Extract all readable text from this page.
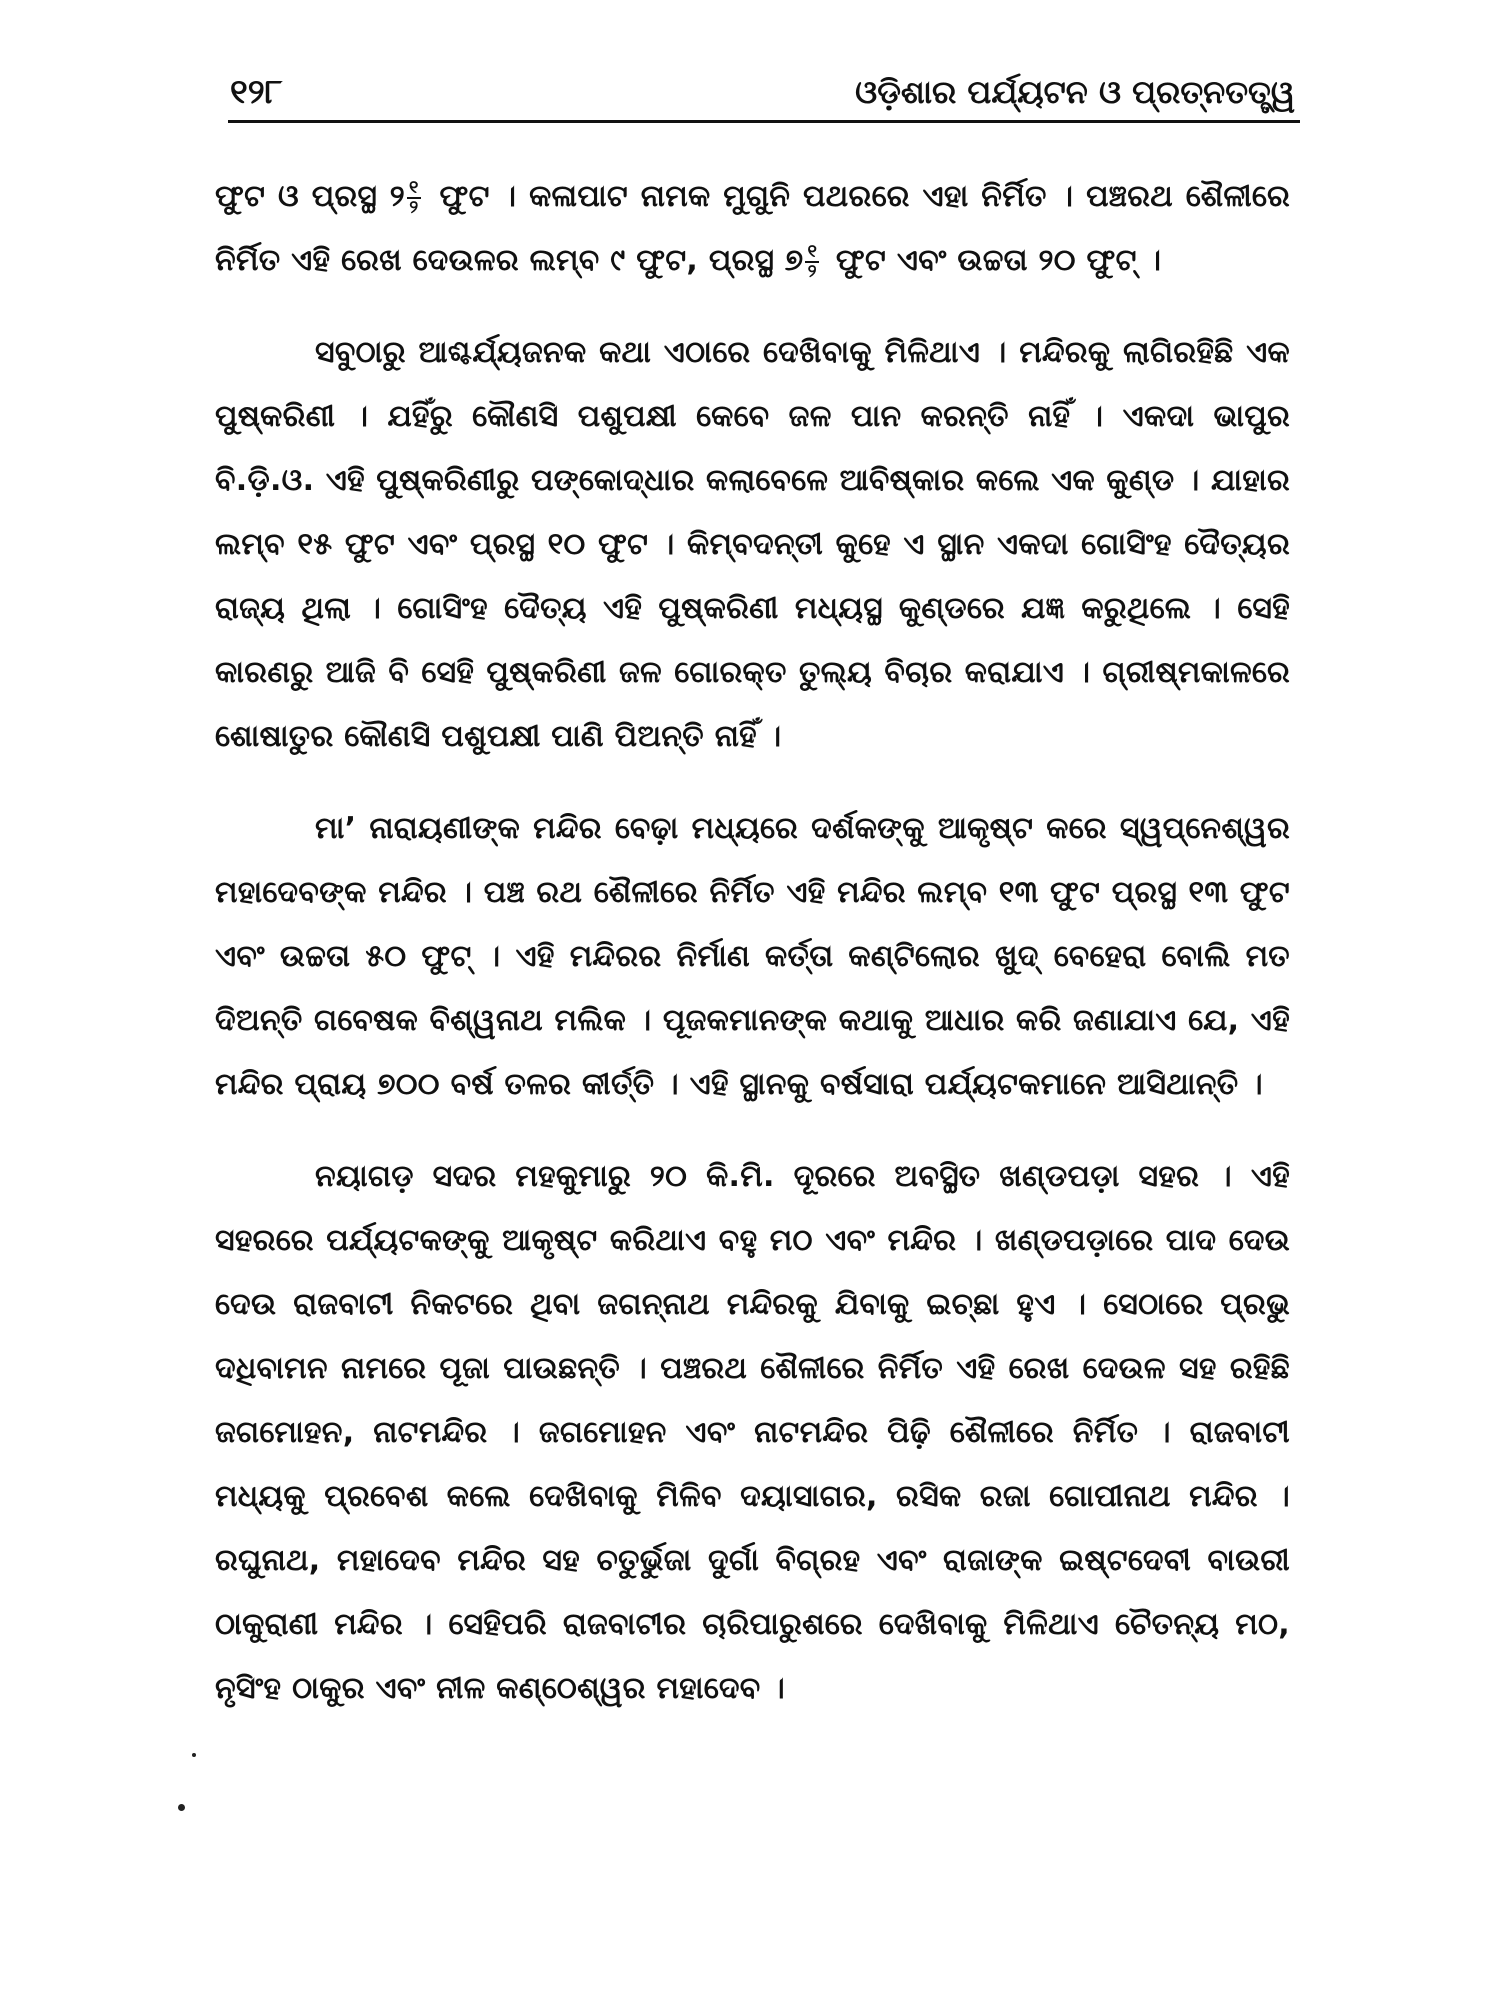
୧୨୮	ଓଡ଼ିଶାର ପର୍ଯ୍ୟଟନ ଓ ପ୍ରତ୍ନତତ୍ତ୍ୱ

ଫୁଟ ଓ ପ୍ରସ୍ଥ ୨ $\frac{୧}{୨}$ ଫୁଟ । କଳାପାଟ ନାମକ ମୁଗୁନି ପଥରରେ ଏହା ନିର୍ମିତ । ପଞ୍ଚରଥ ଶୈଳୀରେ ନିର୍ମିତ ଏହି ରେଖ ଦେଉଳର ଲମ୍ବ ୯ ଫୁଟ, ପ୍ରସ୍ଥ ୭ $\frac{୧}{୨}$ ଫୁଟ ଏବଂ ଉଚ୍ଚତା ୨୦ ଫୁଟ୍ ।

ସବୁଠାରୁ ଆଶ୍ଚର୍ଯ୍ୟଜନକ କଥା ଏଠାରେ ଦେଖିବାକୁ ମିଳିଥାଏ । ମନ୍ଦିରକୁ ଲାଗିରହିଛି ଏକ ପୁଷ୍କରିଣୀ । ଯହିଁରୁ କୌଣସି ପଶୁପକ୍ଷୀ କେବେ ଜଳ ପାନ କରନ୍ତି ନାହିଁ । ଏକଦା ଭାପୁର ବି.ଡ଼ି.ଓ. ଏହି ପୁଷ୍କରିଣୀରୁ ପଙ୍କୋଦ୍ଧାର କଲାବେଳେ ଆବିଷ୍କାର କଲେ ଏକ କୁଣ୍ଡ । ଯାହାର ଲମ୍ବ ୧୫ ଫୁଟ ଏବଂ ପ୍ରସ୍ଥ ୧୦ ଫୁଟ । କିମ୍ବଦନ୍ତୀ କୁହେ ଏ ସ୍ଥାନ ଏକଦା ଗୋସିଂହ ଦୈତ୍ୟର ରାଜ୍ୟ ଥିଲା । ଗୋସିଂହ ଦୈତ୍ୟ ଏହି ପୁଷ୍କରିଣୀ ମଧ୍ୟସ୍ଥ କୁଣ୍ଡରେ ଯଜ୍ଞ କରୁଥିଲେ । ସେହି କାରଣରୁ ଆଜି ବି ସେହି ପୁଷ୍କରିଣୀ ଜଳ ଗୋରକ୍ତ ତୁଲ୍ୟ ବିଚାର କରାଯାଏ । ଗ୍ରୀଷ୍ମକାଳରେ ଶୋଷାତୁର କୌଣସି ପଶୁପକ୍ଷୀ ପାଣି ପିଅନ୍ତି ନାହିଁ ।

ମା’ ନାରାୟଣୀଙ୍କ ମନ୍ଦିର ବେଢ଼ା ମଧ୍ୟରେ ଦର୍ଶକଙ୍କୁ ଆକୃଷ୍ଟ କରେ ସ୍ୱପ୍ନେଶ୍ୱର ମହାଦେବଙ୍କ ମନ୍ଦିର । ପଞ୍ଚ ରଥ ଶୈଳୀରେ ନିର୍ମିତ ଏହି ମନ୍ଦିର ଲମ୍ବ ୧୩ ଫୁଟ ପ୍ରସ୍ଥ ୧୩ ଫୁଟ ଏବଂ ଉଚ୍ଚତା ୫୦ ଫୁଟ୍ । ଏହି ମନ୍ଦିରର ନିର୍ମାଣ କର୍ତ୍ତା କଣ୍ଟିଲୋର ଖୁଦ୍ ବେହେରା ବୋଲି ମତ ଦିଅନ୍ତି ଗବେଷକ ବିଶ୍ୱନାଥ ମଲିକ । ପୂଜକମାନଙ୍କ କଥାକୁ ଆଧାର କରି ଜଣାଯାଏ ଯେ, ଏହି ମନ୍ଦିର ପ୍ରାୟ ୭୦୦ ବର୍ଷ ତଳର କୀର୍ତ୍ତି । ଏହି ସ୍ଥାନକୁ ବର୍ଷସାରା ପର୍ଯ୍ୟଟକମାନେ ଆସିଥାନ୍ତି ।

ନୟାଗଡ଼ ସଦର ମହକୁମାରୁ ୨୦ କି.ମି. ଦୂରରେ ଅବସ୍ଥିତ ଖଣ୍ଡପଡ଼ା ସହର । ଏହି ସହରରେ ପର୍ଯ୍ୟଟକଙ୍କୁ ଆକୃଷ୍ଟ କରିଥାଏ ବହୁ ମଠ ଏବଂ ମନ୍ଦିର । ଖଣ୍ଡପଡ଼ାରେ ପାଦ ଦେଉ ଦେଉ ରାଜବାଟୀ ନିକଟରେ ଥିବା ଜଗନ୍ନାଥ ମନ୍ଦିରକୁ ଯିବାକୁ ଇଚ୍ଛା ହୁଏ । ସେଠାରେ ପ୍ରଭୁ ଦଧିବାମନ ନାମରେ ପୂଜା ପାଉଛନ୍ତି । ପଞ୍ଚରଥ ଶୈଳୀରେ ନିର୍ମିତ ଏହି ରେଖ ଦେଉଳ ସହ ରହିଛି ଜଗମୋହନ, ନାଟମନ୍ଦିର । ଜଗମୋହନ ଏବଂ ନାଟମନ୍ଦିର ପିଢ଼ି ଶୈଳୀରେ ନିର୍ମିତ । ରାଜବାଟୀ ମଧ୍ୟକୁ ପ୍ରବେଶ କଲେ ଦେଖିବାକୁ ମିଳିବ ଦୟାସାଗର, ରସିକ ରଜା ଗୋପୀନାଥ ମନ୍ଦିର । ରଘୁନାଥ, ମହାଦେବ ମନ୍ଦିର ସହ ଚତୁର୍ଭୁଜା ଦୁର୍ଗା ବିଗ୍ରହ ଏବଂ ରାଜାଙ୍କ ଇଷ୍ଟଦେବୀ ବାଉରୀ ଠାକୁରାଣୀ ମନ୍ଦିର । ସେହିପରି ରାଜବାଟୀର ଚାରିପାରୁଶରେ ଦେଖିବାକୁ ମିଳିଥାଏ ଚୈତନ୍ୟ ମଠ, ନୃସିଂହ ଠାକୁର ଏବଂ ନୀଳ କଣ୍ଠେଶ୍ୱର ମହାଦେବ ।
